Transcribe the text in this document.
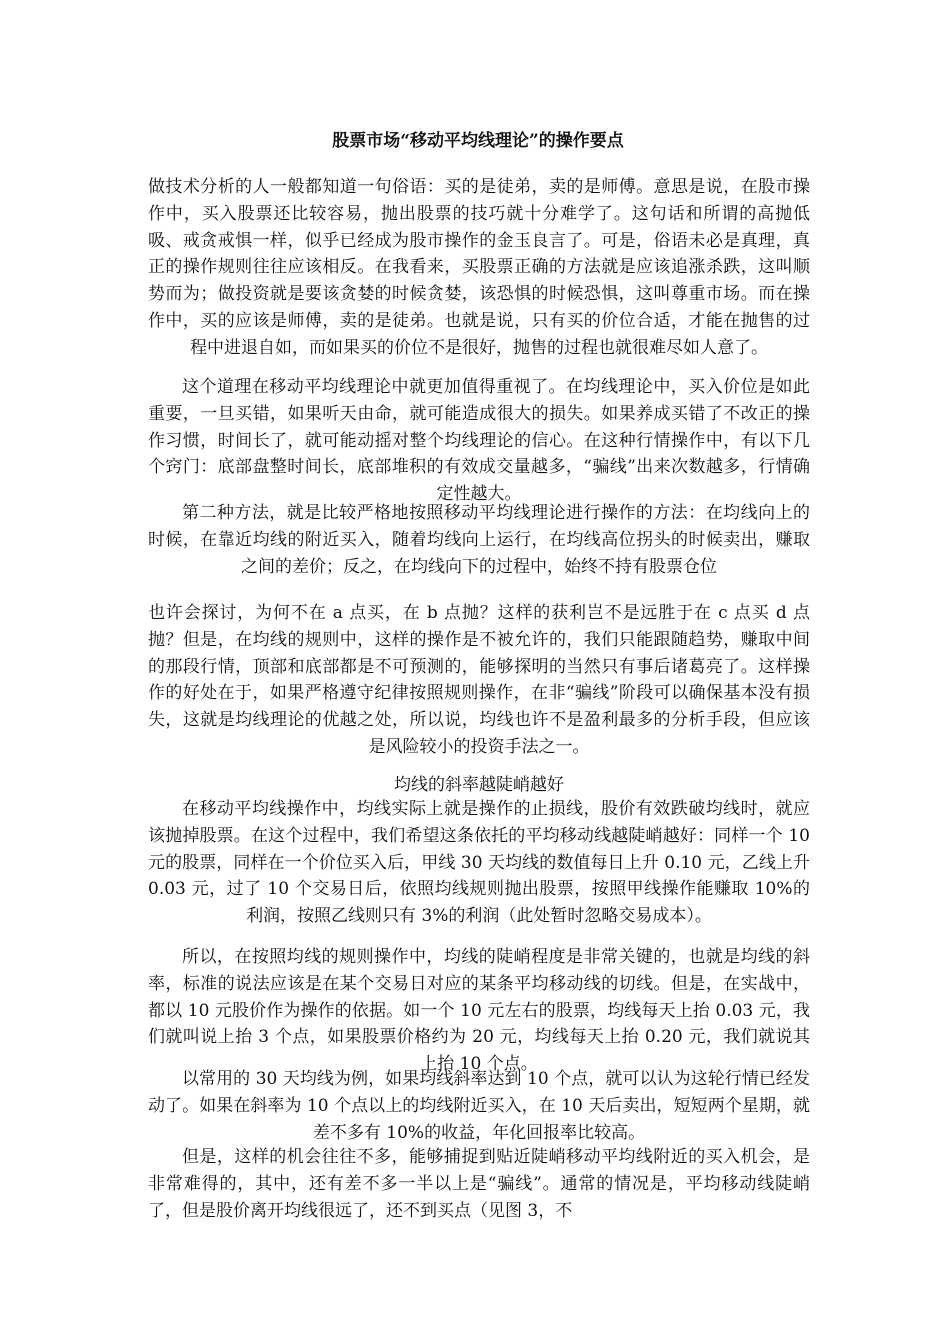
股票市场“移动平均线理论”的操作要点

做技术分析的人一般都知道一句俗语：买的是徒弟，卖的是师傅。意思是说，在股市操作中，买入股票还比较容易，抛出股票的技巧就十分难学了。这句话和所谓的高抛低吸、戒贪戒惧一样，似乎已经成为股市操作的金玉良言了。可是，俗语未必是真理，真正的操作规则往往应该相反。在我看来，买股票正确的方法就是应该追涨杀跌，这叫顺势而为；做投资就是要该贪婪的时候贪婪，该恐惧的时候恐惧，这叫尊重市场。而在操作中，买的应该是师傅，卖的是徒弟。也就是说，只有买的价位合适，才能在抛售的过程中进退自如，而如果买的价位不是很好，抛售的过程也就很难尽如人意了。

这个道理在移动平均线理论中就更加值得重视了。在均线理论中，买入价位是如此重要，一旦买错，如果听天由命，就可能造成很大的损失。如果养成买错了不改正的操作习惯，时间长了，就可能动摇对整个均线理论的信心。在这种行情操作中，有以下几个窍门：底部盘整时间长，底部堆积的有效成交量越多，“骗线”出来次数越多，行情确定性越大。

第二种方法，就是比较严格地按照移动平均线理论进行操作的方法：在均线向上的时候，在靠近均线的附近买入，随着均线向上运行，在均线高位拐头的时候卖出，赚取之间的差价；反之，在均线向下的过程中，始终不持有股票仓位

也许会探讨，为何不在 a 点买，在 b 点抛？这样的获利岂不是远胜于在 c 点买 d 点抛？但是，在均线的规则中，这样的操作是不被允许的，我们只能跟随趋势，赚取中间的那段行情，顶部和底部都是不可预测的，能够探明的当然只有事后诸葛亮了。这样操作的好处在于，如果严格遵守纪律按照规则操作，在非“骗线”阶段可以确保基本没有损失，这就是均线理论的优越之处，所以说，均线也许不是盈利最多的分析手段，但应该是风险较小的投资手法之一。

均线的斜率越陡峭越好

在移动平均线操作中，均线实际上就是操作的止损线，股价有效跌破均线时，就应该抛掉股票。在这个过程中，我们希望这条依托的平均移动线越陡峭越好：同样一个 10 元的股票，同样在一个价位买入后，甲线 30 天均线的数值每日上升 0.10 元，乙线上升 0.03 元，过了 10 个交易日后，依照均线规则抛出股票，按照甲线操作能赚取 10%的利润，按照乙线则只有 3%的利润（此处暂时忽略交易成本）。

所以，在按照均线的规则操作中，均线的陡峭程度是非常关键的，也就是均线的斜率，标准的说法应该是在某个交易日对应的某条平均移动线的切线。但是，在实战中，都以 10 元股价作为操作的依据。如一个 10 元左右的股票，均线每天上抬 0.03 元，我们就叫说上抬 3 个点，如果股票价格约为 20 元，均线每天上抬 0.20 元，我们就说其上抬 10 个点。

以常用的 30 天均线为例，如果均线斜率达到 10 个点，就可以认为这轮行情已经发动了。如果在斜率为 10 个点以上的均线附近买入，在 10 天后卖出，短短两个星期，就差不多有 10%的收益，年化回报率比较高。

但是，这样的机会往往不多，能够捕捉到贴近陡峭移动平均线附近的买入机会，是非常难得的，其中，还有差不多一半以上是“骗线”。通常的情况是，平均移动线陡峭了，但是股价离开均线很远了，还不到买点（见图 3，不
